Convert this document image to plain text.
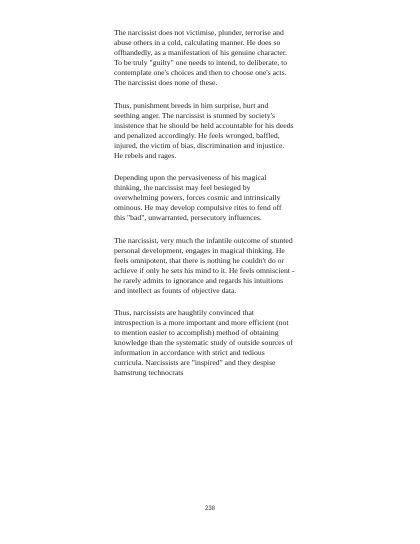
The narcissist does not victimise, plunder, terrorise and
abuse others in a cold, calculating manner. He does so
offhandedly, as a manifestation of his genuine character.
To be truly "guilty" one needs to intend, to deliberate, to
contemplate one's choices and then to choose one's acts.
The narcissist does none of these.

Thus, punishment breeds in him surprise, hurt and
seething anger. The narcissist is stunned by society's
insistence that he should be held accountable for his deeds
and penalized accordingly. He feels wronged, baffled,
injured, the victim of bias, discrimination and injustice.
He rebels and rages.

Depending upon the pervasiveness of his magical
thinking, the narcissist may feel besieged by
overwhelming powers, forces cosmic and intrinsically
ominous. He may develop compulsive rites to fend off
this "bad", unwarranted, persecutory influences.

The narcissist, very much the infantile outcome of stunted
personal development, engages in magical thinking. He
feels omnipotent, that there is nothing he couldn't do or
achieve if only he sets his mind to it. He feels omniscient -
he rarely admits to ignorance and regards his intuitions
and intellect as founts of objective data.

Thus, narcissists are haughtily convinced that
introspection is a more important and more efficient (not
to mention easier to accomplish) method of obtaining
knowledge than the systematic study of outside sources of
information in accordance with strict and tedious
curricula. Narcissists are "inspired" and they despise
hamstrung technocrats

238
